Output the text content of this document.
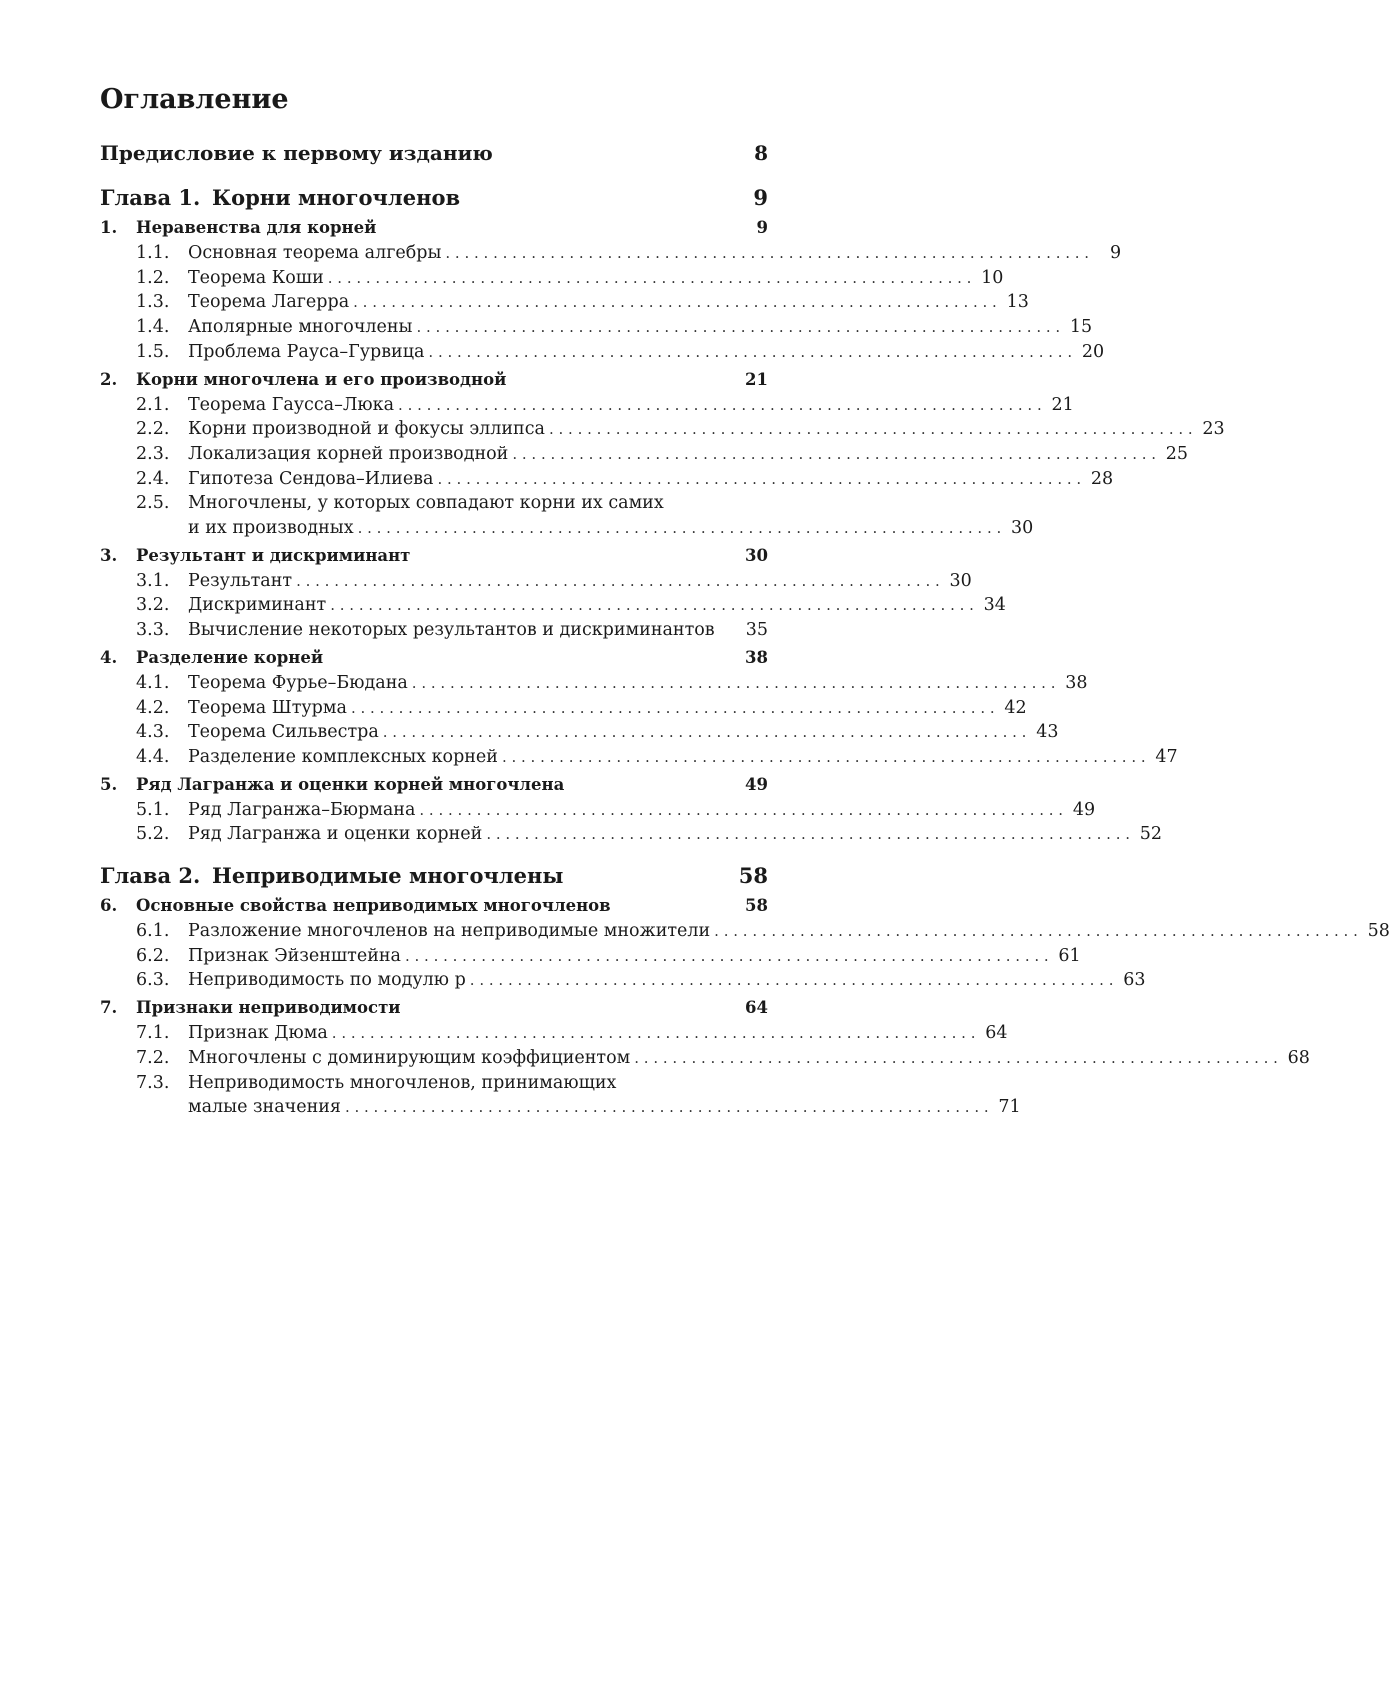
Оглавление
Предисловие к первому изданию	8
Глава 1. Корни многочленов	9
1.	Неравенства для корней	9
1.1.	Основная теорема алгебры . . . . . . . . . . . . . . . . . . . . . . . . . . . . . . . . . . . . . . . . . . . . . . . . . . . . . . . . . . . . . . . . . . . .	9
1.2.	Теорема Коши . . . . . . . . . . . . . . . . . . . . . . . . . . . . . . . . . . . . . . . . . . . . . . . . . . . . . . . . . . . . . . . . . . . . 10
1.3.	Теорема Лагерра . . . . . . . . . . . . . . . . . . . . . . . . . . . . . . . . . . . . . . . . . . . . . . . . . . . . . . . . . . . . . . . . . . . . 13
1.4.	Аполярные многочлены . . . . . . . . . . . . . . . . . . . . . . . . . . . . . . . . . . . . . . . . . . . . . . . . . . . . . . . . . . . . . . . . . . . . 15
1.5.	Проблема Рауса–Гурвица . . . . . . . . . . . . . . . . . . . . . . . . . . . . . . . . . . . . . . . . . . . . . . . . . . . . . . . . . . . . . . . . . . . . 20
2.	Корни многочлена и его производной	21
2.1.	Теорема Гаусса–Люка . . . . . . . . . . . . . . . . . . . . . . . . . . . . . . . . . . . . . . . . . . . . . . . . . . . . . . . . . . . . . . . . . . . . 21
2.2.	Корни производной и фокусы эллипса . . . . . . . . . . . . . . . . . . . . . . . . . . . . . . . . . . . . . . . . . . . . . . . . . . . . . . . . . . . . . . . . . . . . 23
2.3.	Локализация корней производной . . . . . . . . . . . . . . . . . . . . . . . . . . . . . . . . . . . . . . . . . . . . . . . . . . . . . . . . . . . . . . . . . . . . 25
2.4.	Гипотеза Сендова–Илиева . . . . . . . . . . . . . . . . . . . . . . . . . . . . . . . . . . . . . . . . . . . . . . . . . . . . . . . . . . . . . . . . . . . . 28
2.5.	Многочлены, у которых совпадают корни их самих
и их производных . . . . . . . . . . . . . . . . . . . . . . . . . . . . . . . . . . . . . . . . . . . . . . . . . . . . . . . . . . . . . . . . . . . . 30
3.	Результант и дискриминант	30
3.1.	Результант . . . . . . . . . . . . . . . . . . . . . . . . . . . . . . . . . . . . . . . . . . . . . . . . . . . . . . . . . . . . . . . . . . . . 30
3.2.	Дискриминант . . . . . . . . . . . . . . . . . . . . . . . . . . . . . . . . . . . . . . . . . . . . . . . . . . . . . . . . . . . . . . . . . . . . 34
3.3.	Вычисление некоторых результантов и дискриминантов 35
4.	Разделение корней	38
4.1.	Теорема Фурье–Бюдана . . . . . . . . . . . . . . . . . . . . . . . . . . . . . . . . . . . . . . . . . . . . . . . . . . . . . . . . . . . . . . . . . . . . 38
4.2.	Теорема Штурма . . . . . . . . . . . . . . . . . . . . . . . . . . . . . . . . . . . . . . . . . . . . . . . . . . . . . . . . . . . . . . . . . . . . 42
4.3.	Теорема Сильвестра . . . . . . . . . . . . . . . . . . . . . . . . . . . . . . . . . . . . . . . . . . . . . . . . . . . . . . . . . . . . . . . . . . . . 43
4.4.	Разделение комплексных корней . . . . . . . . . . . . . . . . . . . . . . . . . . . . . . . . . . . . . . . . . . . . . . . . . . . . . . . . . . . . . . . . . . . . 47
5.	Ряд Лагранжа и оценки корней многочлена	49
5.1.	Ряд Лагранжа–Бюрмана . . . . . . . . . . . . . . . . . . . . . . . . . . . . . . . . . . . . . . . . . . . . . . . . . . . . . . . . . . . . . . . . . . . . 49
5.2.	Ряд Лагранжа и оценки корней . . . . . . . . . . . . . . . . . . . . . . . . . . . . . . . . . . . . . . . . . . . . . . . . . . . . . . . . . . . . . . . . . . . . 52
Глава 2. Неприводимые многочлены	58
6.	Основные свойства неприводимых многочленов	58
6.1.	Разложение многочленов на неприводимые множители . . . . . . . . . . . . . . . . . . . . . . . . . . . . . . . . . . . . . . . . . . . . . . . . . . . . . . . . . . . . . . . . . . . . 58
6.2.	Признак Эйзенштейна . . . . . . . . . . . . . . . . . . . . . . . . . . . . . . . . . . . . . . . . . . . . . . . . . . . . . . . . . . . . . . . . . . . . 61
6.3.	Неприводимость по модулю p . . . . . . . . . . . . . . . . . . . . . . . . . . . . . . . . . . . . . . . . . . . . . . . . . . . . . . . . . . . . . . . . . . . . 63
7.	Признаки неприводимости	64
7.1.	Признак Дюма . . . . . . . . . . . . . . . . . . . . . . . . . . . . . . . . . . . . . . . . . . . . . . . . . . . . . . . . . . . . . . . . . . . . 64
7.2.	Многочлены с доминирующим коэффициентом . . . . . . . . . . . . . . . . . . . . . . . . . . . . . . . . . . . . . . . . . . . . . . . . . . . . . . . . . . . . . . . . . . . . 68
7.3.	Неприводимость многочленов, принимающих
малые значения . . . . . . . . . . . . . . . . . . . . . . . . . . . . . . . . . . . . . . . . . . . . . . . . . . . . . . . . . . . . . . . . . . . . 71
